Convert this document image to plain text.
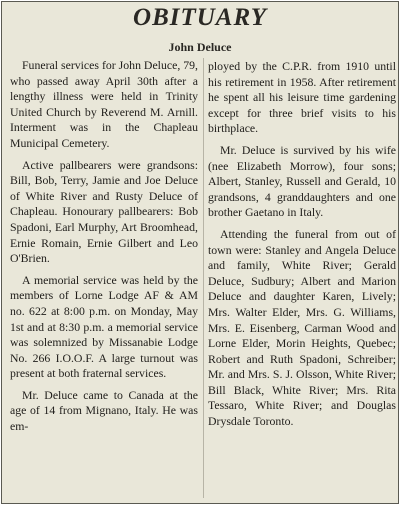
OBITUARY
John Deluce

Funeral services for John Deluce, 79, who passed away April 30th after a lengthy illness were held in Trinity United Church by Reverend M. Arnill. Interment was in the Chapleau Municipal Cemetery.

Active pallbearers were grandsons: Bill, Bob, Terry, Jamie and Joe Deluce of White River and Rusty Deluce of Chapleau. Honourary pallbearers: Bob Spadoni, Earl Murphy, Art Broomhead, Ernie Romain, Ernie Gilbert and Leo O'Brien.

A memorial service was held by the members of Lorne Lodge AF & AM no. 622 at 8:00 p.m. on Monday, May 1st and at 8:30 p.m. a memorial service was solemnized by Missanabie Lodge No. 266 I.O.O.F. A large turnout was present at both fraternal services.

Mr. Deluce came to Canada at the age of 14 from Mignano, Italy. He was em-

ployed by the C.P.R. from 1910 until his retirement in 1958. After retirement he spent all his leisure time gardening except for three brief visits to his birthplace.

Mr. Deluce is survived by his wife (nee Elizabeth Morrow), four sons; Albert, Stanley, Russell and Gerald, 10 grandsons, 4 granddaughters and one brother Gaetano in Italy.

Attending the funeral from out of town were: Stanley and Angela Deluce and family, White River; Gerald Deluce, Sudbury; Albert and Marion Deluce and daughter Karen, Lively; Mrs. Walter Elder, Mrs. G. Williams, Mrs. E. Eisenberg, Carman Wood and Lorne Elder, Morin Heights, Quebec; Robert and Ruth Spadoni, Schreiber; Mr. and Mrs. S. J. Olsson, White River; Bill Black, White River; Mrs. Rita Tessaro, White River; and Douglas Drysdale Toronto.
